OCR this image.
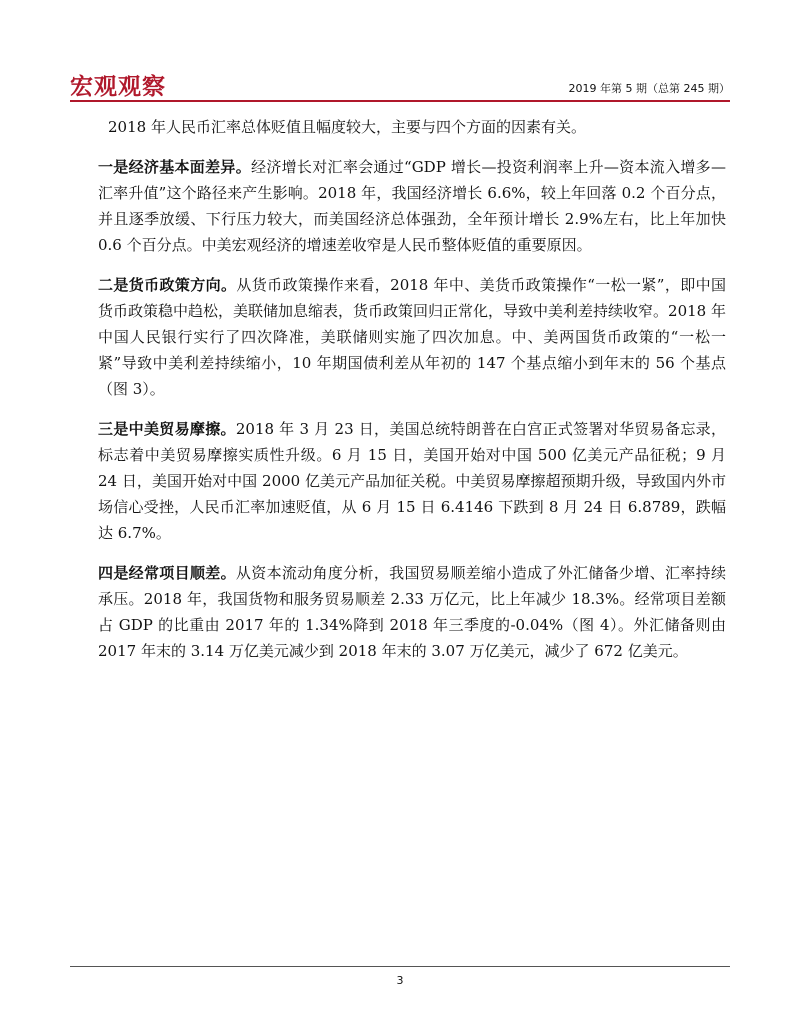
宏观观察	2019 年第 5 期（总第 245 期）

2018 年人民币汇率总体贬值且幅度较大，主要与四个方面的因素有关。

一是经济基本面差异。经济增长对汇率会通过“GDP 增长—投资利润率上升—资本流入增多—汇率升值”这个路径来产生影响。2018 年，我国经济增长 6.6%，较上年回落 0.2 个百分点，并且逐季放缓、下行压力较大，而美国经济总体强劲，全年预计增长 2.9%左右，比上年加快 0.6 个百分点。中美宏观经济的增速差收窄是人民币整体贬值的重要原因。

二是货币政策方向。从货币政策操作来看，2018 年中、美货币政策操作“一松一紧”，即中国货币政策稳中趋松，美联储加息缩表，货币政策回归正常化，导致中美利差持续收窄。2018 年中国人民银行实行了四次降准，美联储则实施了四次加息。中、美两国货币政策的“一松一紧”导致中美利差持续缩小，10 年期国债利差从年初的 147 个基点缩小到年末的 56 个基点（图 3）。

三是中美贸易摩擦。2018 年 3 月 23 日，美国总统特朗普在白宫正式签署对华贸易备忘录，标志着中美贸易摩擦实质性升级。6 月 15 日，美国开始对中国 500 亿美元产品征税；9 月 24 日，美国开始对中国 2000 亿美元产品加征关税。中美贸易摩擦超预期升级，导致国内外市场信心受挫，人民币汇率加速贬值，从 6 月 15 日 6.4146 下跌到 8 月 24 日 6.8789，跌幅达 6.7%。

四是经常项目顺差。从资本流动角度分析，我国贸易顺差缩小造成了外汇储备少增、汇率持续承压。2018 年，我国货物和服务贸易顺差 2.33 万亿元，比上年减少 18.3%。经常项目差额占 GDP 的比重由 2017 年的 1.34%降到 2018 年三季度的-0.04%（图 4）。外汇储备则由 2017 年末的 3.14 万亿美元减少到 2018 年末的 3.07 万亿美元，减少了 672 亿美元。

3
